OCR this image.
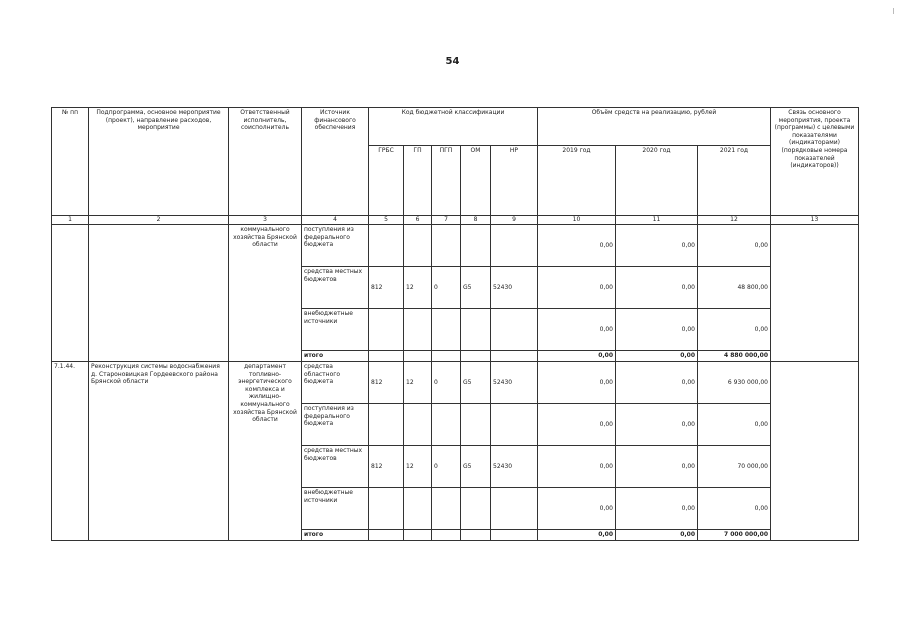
54
№ пп	Подпрограмма, основное мероприятие (проект), направление расходов, мероприятие	Ответственный исполнитель, соисполнитель	Источник финансового обеспечения	Код бюджетной классификации					Объём средств на реализацию, рублей			Связь основного мероприятия, проекта (программы) с целевыми показателями (индикаторами) (порядковые номера показателей (индикаторов))
				ГРБС	ГП	ПГП	ОМ	НР	2019 год	2020 год	2021 год	
1	2	3	4	5	6	7	8	9	10	11	12	13
		коммунального хозяйства Брянской области	поступления из федерального бюджета						0,00	0,00	0,00	
			средства местных бюджетов	812	12	0	G5	52430	0,00	0,00	48 800,00	
			внебюджетные источники						0,00	0,00	0,00	
			итого						0,00	0,00	4 880 000,00	
7.1.44.	Реконструкция системы водоснабжения д. Староновицкая Гордеевского района Брянской области	департамент топливно-энергетического комплекса и жилищно-коммунального хозяйства Брянской области	средства областного бюджета	812	12	0	G5	52430	0,00	0,00	6 930 000,00	
			поступления из федерального бюджета						0,00	0,00	0,00	
			средства местных бюджетов	812	12	0	G5	52430	0,00	0,00	70 000,00	
			внебюджетные источники						0,00	0,00	0,00	
			итого						0,00	0,00	7 000 000,00	
